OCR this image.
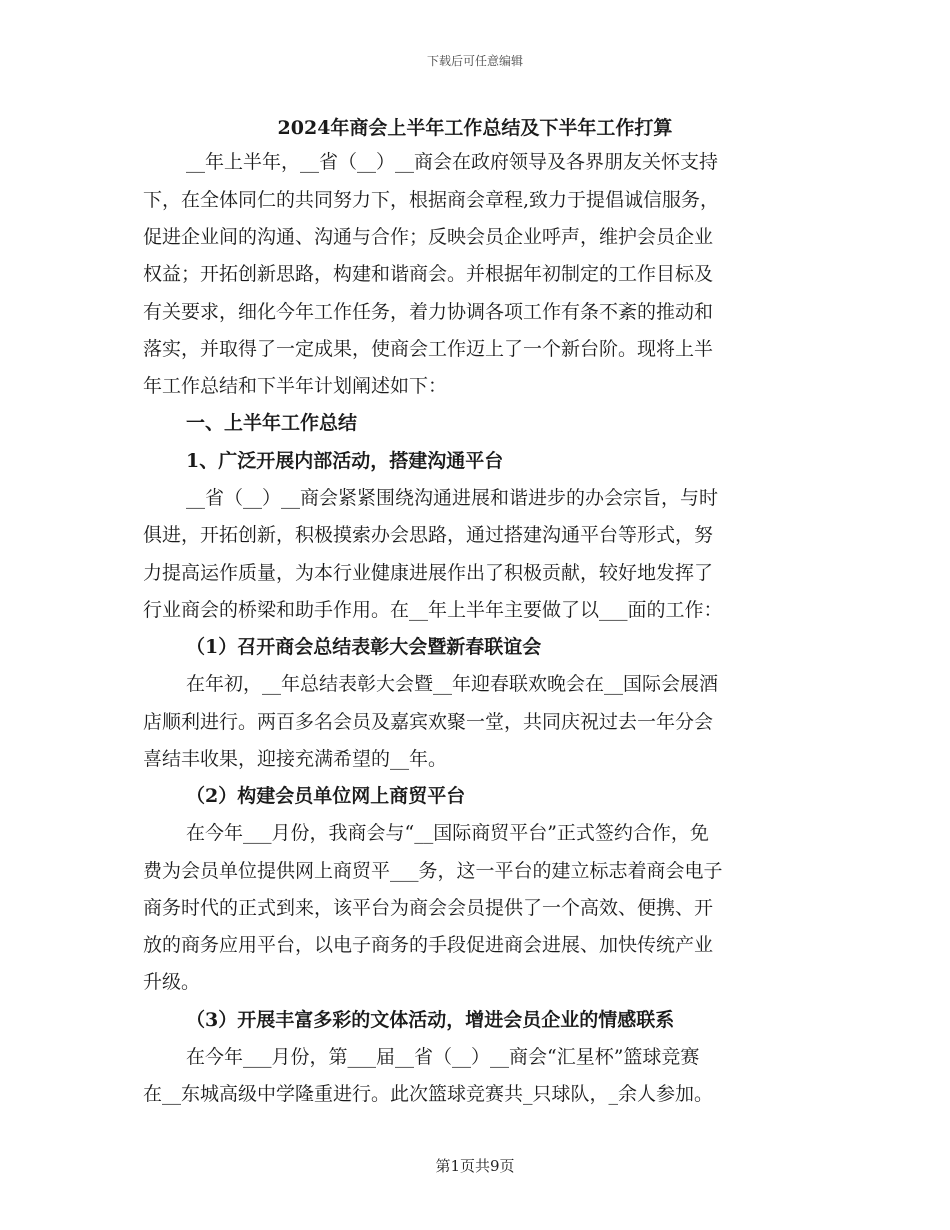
下载后可任意编辑
2024年商会上半年工作总结及下半年工作打算
__年上半年，__省（__）__商会在政府领导及各界朋友关怀支持
下，在全体同仁的共同努力下，根据商会章程,致力于提倡诚信服务，
促进企业间的沟通、沟通与合作；反映会员企业呼声，维护会员企业
权益；开拓创新思路，构建和谐商会。并根据年初制定的工作目标及
有关要求，细化今年工作任务，着力协调各项工作有条不紊的推动和
落实，并取得了一定成果，使商会工作迈上了一个新台阶。现将上半
年工作总结和下半年计划阐述如下：
一、上半年工作总结
1、广泛开展内部活动，搭建沟通平台
__省（__）__商会紧紧围绕沟通进展和谐进步的办会宗旨，与时
俱进，开拓创新，积极摸索办会思路，通过搭建沟通平台等形式，努
力提高运作质量，为本行业健康进展作出了积极贡献，较好地发挥了
行业商会的桥梁和助手作用。在__年上半年主要做了以___面的工作：
（1）召开商会总结表彰大会暨新春联谊会
在年初，__年总结表彰大会暨__年迎春联欢晚会在__国际会展酒
店顺利进行。两百多名会员及嘉宾欢聚一堂，共同庆祝过去一年分会
喜结丰收果，迎接充满希望的__年。
（2）构建会员单位网上商贸平台
在今年___月份，我商会与“__国际商贸平台”正式签约合作，免
费为会员单位提供网上商贸平___务，这一平台的建立标志着商会电子
商务时代的正式到来，该平台为商会会员提供了一个高效、便携、开
放的商务应用平台，以电子商务的手段促进商会进展、加快传统产业
升级。
（3）开展丰富多彩的文体活动，增进会员企业的情感联系
在今年___月份，第___届__省（__）__商会“汇星杯”篮球竞赛
在__东城高级中学隆重进行。此次篮球竞赛共_只球队，_余人参加。
第1页共9页
